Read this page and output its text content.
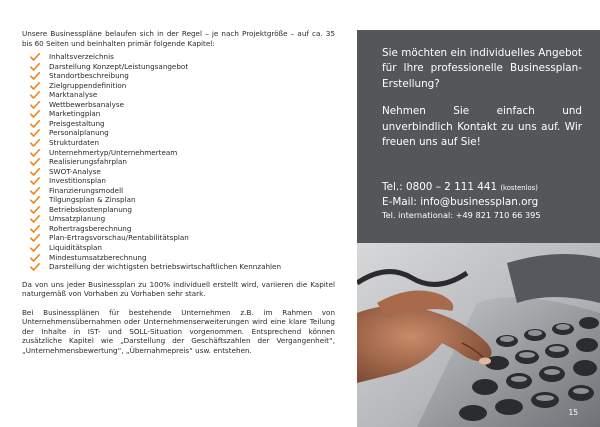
Unsere Businesspläne belaufen sich in der Regel – je nach Projektgröße – auf ca. 35 bis 60 Seiten und beinhalten primär folgende Kapitel:

Inhaltsverzeichnis
Darstellung Konzept/Leistungsangebot
Standortbeschreibung
Zielgruppendefinition
Marktanalyse
Wettbewerbsanalyse
Marketingplan
Preisgestaltung
Personalplanung
Strukturdaten
Unternehmertyp/Unternehmerteam
Realisierungsfahrplan
SWOT-Analyse
Investitionsplan
Finanzierungsmodell
Tilgungsplan & Zinsplan
Betriebskostenplanung
Umsatzplanung
Rohertragsberechnung
Plan-Ertragsvorschau/Rentabilitätsplan
Liquiditätsplan
Mindestumsatzberechnung
Darstellung der wichtigsten betriebswirtschaftlichen Kennzahlen

Da von uns jeder Businessplan zu 100% individuell erstellt wird, variieren die Kapitel naturgemäß von Vorhaben zu Vorhaben sehr stark.

Bei Businessplänen für bestehende Unternehmen z.B. im Rahmen von Unternehmensübernahmen oder Unternehmenserweiterungen wird eine klare Teilung der Inhalte in IST- und SOLL-Situation vorgenommen. Entsprechend können zusätzliche Kapitel wie „Darstellung der Geschäftszahlen der Vergangenheit“, „Unternehmensbewertung“, „Übernahmepreis“ usw. entstehen.

Sie möchten ein individuelles Angebot für Ihre professionelle Businessplan-Erstellung?

Nehmen Sie einfach und unverbindlich Kontakt zu uns auf. Wir freuen uns auf Sie!

Tel.: 0800 – 2 111 441 (kostenlos)
E-Mail: info@businessplan.org
Tel. international: +49 821 710 66 395
15
